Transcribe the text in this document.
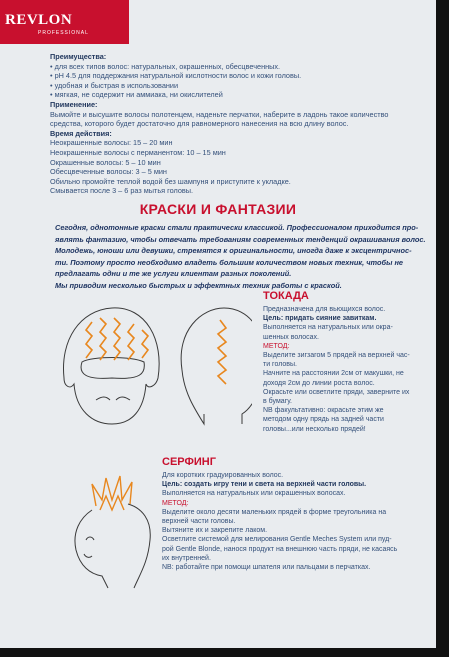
REVLON
PROFESSIONAL
Преимущества:
• для всех типов волос: натуральных, окрашенных, обесцвеченных.
• pH 4.5 для поддержания натуральной кислотности волос и кожи головы.
• удобная и быстрая в использовании
• мягкая, не содержит ни аммиака, ни окислителей
Применение:
Вымойте и высушите волосы полотенцем, наденьте перчатки, наберите в ладонь такое количество
средства, которого будет достаточно для равномерного нанесения на всю длину волос.
Время действия:
Неокрашенные волосы: 15 – 20 мин
Неокрашенные волосы с перманентом: 10 – 15 мин
Окрашенные волосы: 5 – 10 мин
Обесцвеченные волосы: 3 – 5 мин
Обильно промойте теплой водой без шампуня и приступите к укладке.
Смывается после 3 – 6 раз мытья головы.
КРАСКИ И ФАНТАЗИИ
Сегодня, однотонные краски стали практически классикой. Профессионалом приходится про-
являть фантазию, чтобы отвечать требованиям современных тенденций окрашивания волос.
Молодежь, юноши или девушки, стремятся к оригинальности, иногда даже к эксцентричнос-
ти. Поэтому просто необходимо владеть большим количеством новых техник, чтобы не
предлагать одни и те же услуги клиентам разных поколений.
Мы приводим несколько быстрых и эффектных техник работы с краской.
ТОКАДА
Предназначена для вьющихся волос.
Цель: придать сияние завиткам.
Выполняется на натуральных или окра-
шенных волосах.
МЕТОД:
Выделите зигзагом 5 прядей на верхней час-
ти головы.
Начните на расстоянии 2см от макушки, не
доходя 2см до линии роста волос.
Окрасьте или осветлите пряди, заверните их
в бумагу.
NB факультативно: окрасьте этим же
методом одну прядь на задней части
головы...или несколько прядей!
СЕРФИНГ
Для коротких градуированных волос.
Цель: создать игру тени и света на верхней части головы.
Выполняется на натуральных или окрашенных волосах.
МЕТОД:
Выделите около десяти маленьких прядей в форме треугольника на
верхней части головы.
Вытяните их и закрепите лаком.
Осветлите системой для мелирования Gentle Meches System или пуд-
рой Gentle Blonde, нанося продукт на внешнюю часть пряди, не касаясь
их внутренней.
NB: работайте при помощи шпателя или пальцами в перчатках.
